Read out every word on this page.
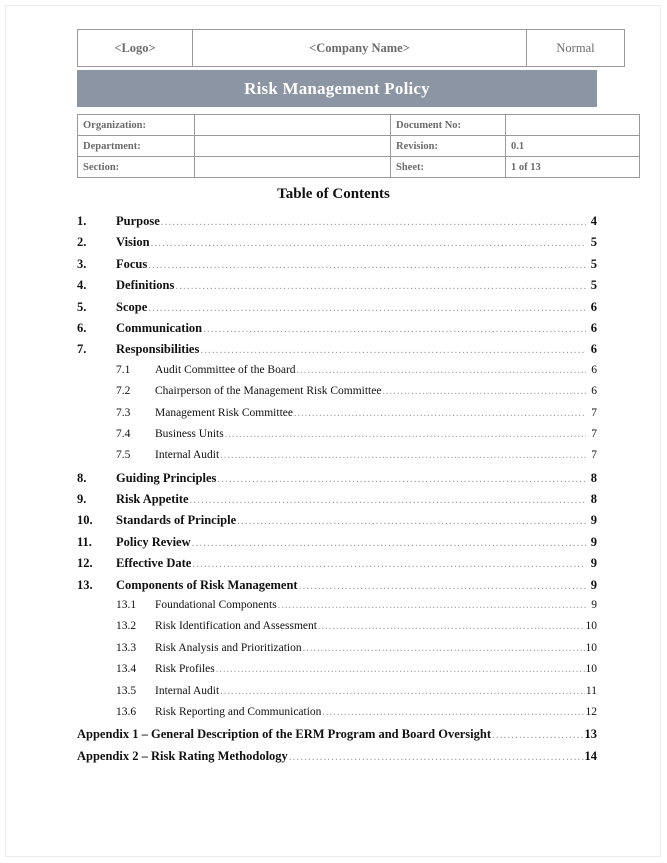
<Logo>	<Company Name>	Normal
Risk Management Policy
Organization:		Document No:	
Department:		Revision:	0.1
Section:		Sheet:	1 of 13
Table of Contents
1.	Purpose .....	4
2.	Vision .....	5
3.	Focus .....	5
4.	Definitions .....	5
5.	Scope .....	6
6.	Communication .....	6
7.	Responsibilities .....	6
7.1	Audit Committee of the Board .....	6
7.2	Chairperson of the Management Risk Committee .....	6
7.3	Management Risk Committee .....	7
7.4	Business Units .....	7
7.5	Internal Audit .....	7
8.	Guiding Principles .....	8
9.	Risk Appetite .....	8
10.	Standards of Principle .....	9
11.	Policy Review .....	9
12.	Effective Date .....	9
13.	Components of Risk Management .....	9
13.1	Foundational Components .....	9
13.2	Risk Identification and Assessment .....	10
13.3	Risk Analysis and Prioritization .....	10
13.4	Risk Profiles .....	10
13.5	Internal Audit .....	11
13.6	Risk Reporting and Communication .....	12
Appendix 1 – General Description of the ERM Program and Board Oversight .....	13
Appendix 2 – Risk Rating Methodology .....	14
